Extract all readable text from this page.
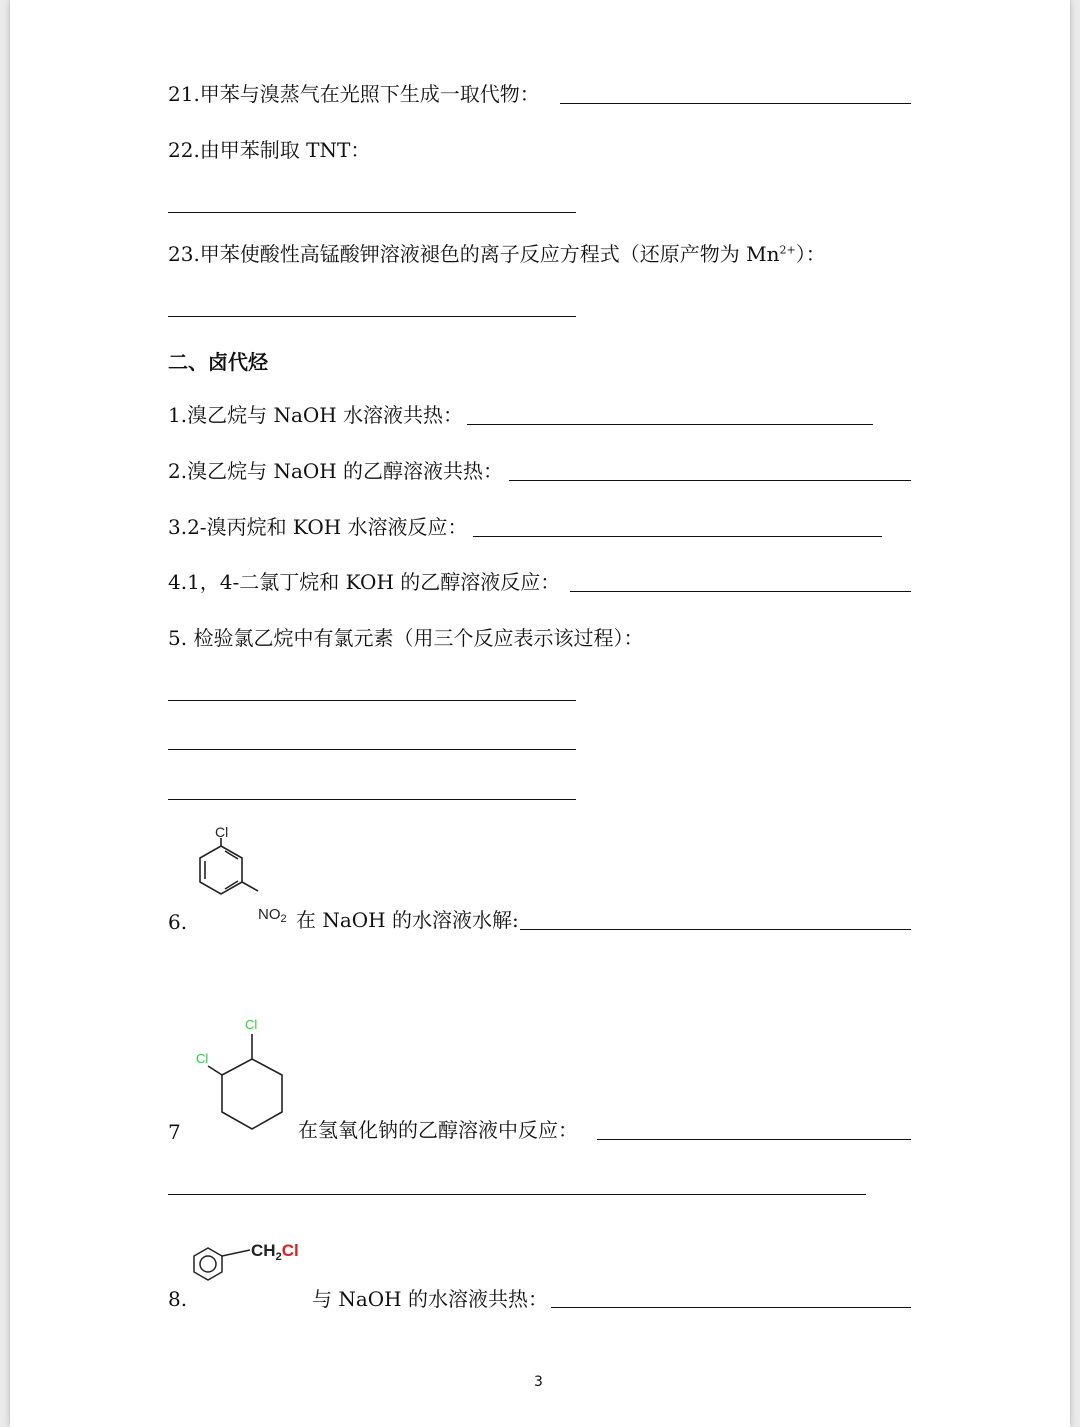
21.甲苯与溴蒸气在光照下生成一取代物：
22.由甲苯制取 TNT：
23.甲苯使酸性高锰酸钾溶液褪色的离子反应方程式（还原产物为 $Mn^{2+}$）：
二、卤代烃
1.溴乙烷与 NaOH 水溶液共热：
2.溴乙烷与 NaOH 的乙醇溶液共热：
3.2-溴丙烷和 KOH 水溶液反应：
4.1，4-二氯丁烷和 KOH 的乙醇溶液反应：
5. 检验氯乙烷中有氯元素（用三个反应表示该过程）：
6.
Cl
$NO_2$ 在 NaOH 的水溶液水解:
7
Cl
Cl
在氢氧化钠的乙醇溶液中反应：
8.
$CH_2Cl$
与 NaOH 的水溶液共热：
3
